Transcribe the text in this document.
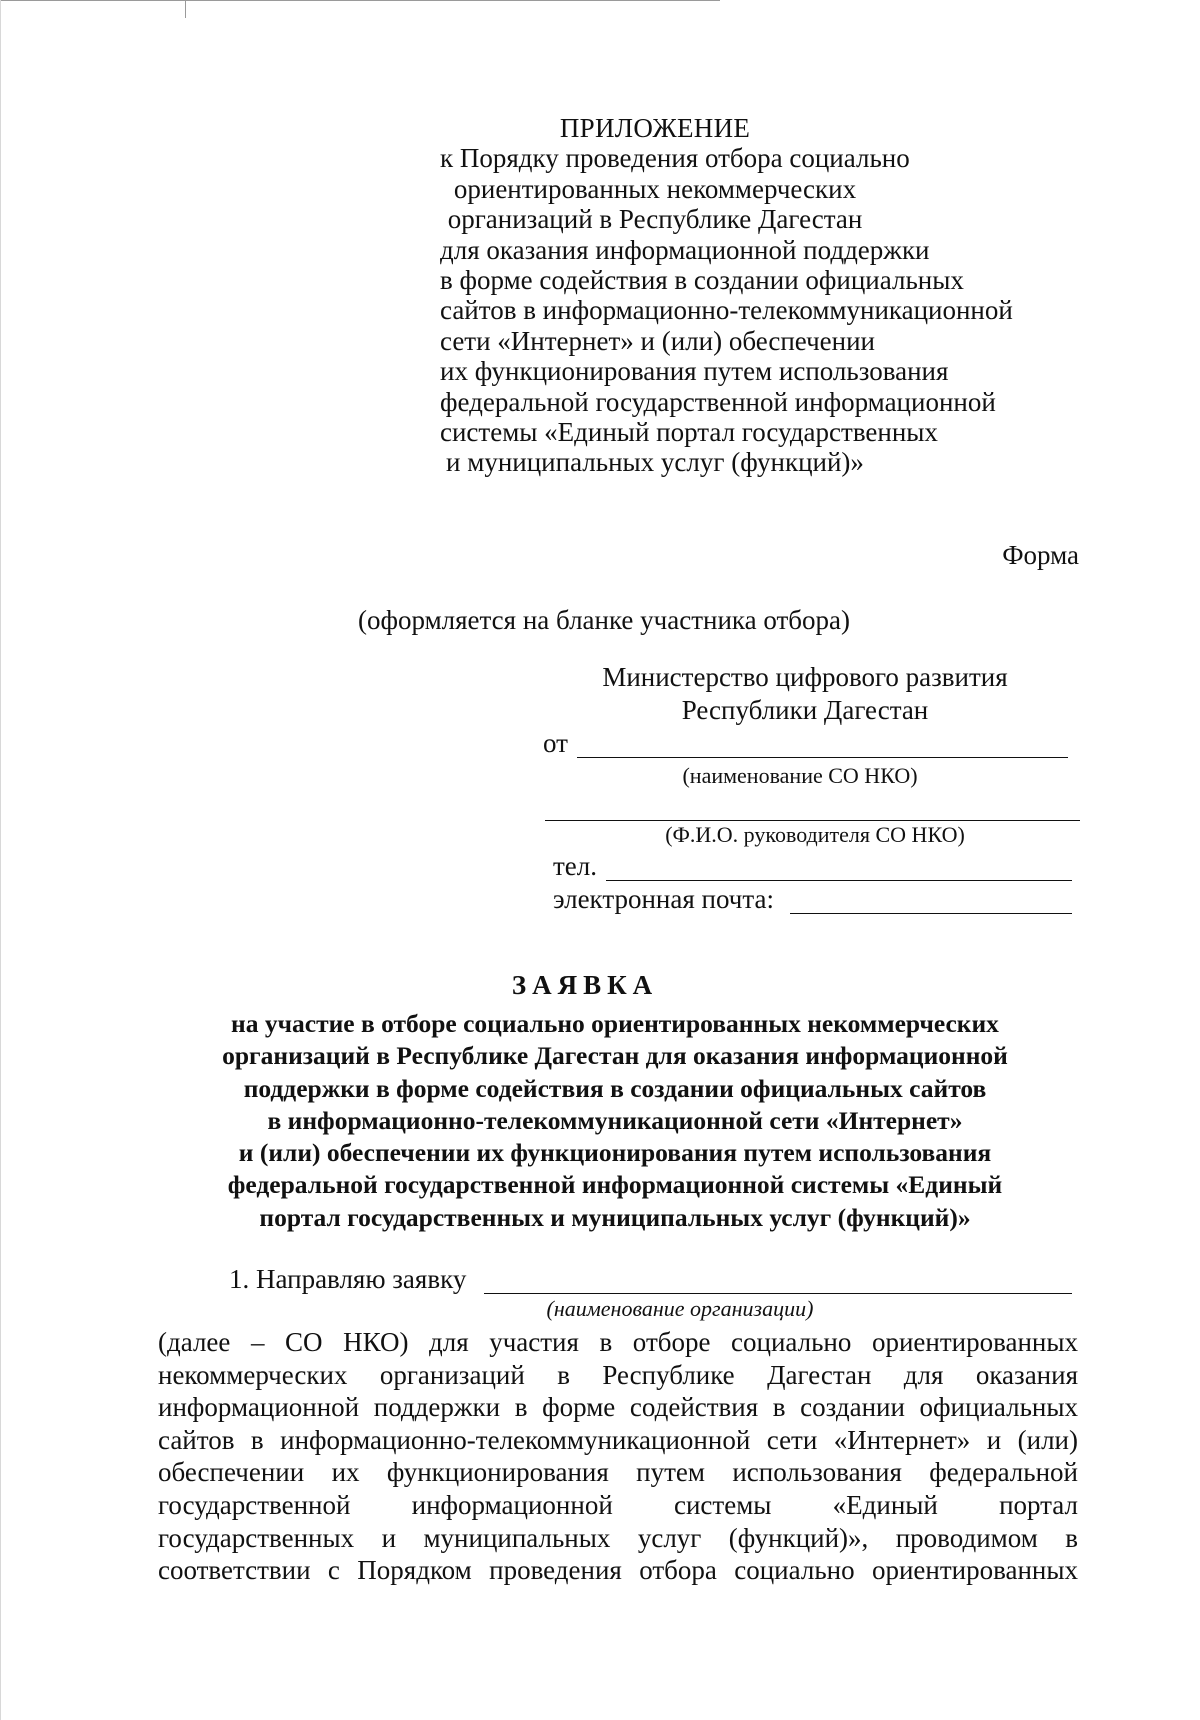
ПРИЛОЖЕНИЕ
к Порядку проведения отбора социально
ориентированных некоммерческих
организаций в Республике Дагестан
для оказания информационной поддержки
в форме содействия в создании официальных
сайтов в информационно-телекоммуникационной
сети «Интернет» и (или) обеспечении
их функционирования путем использования
федеральной государственной информационной
системы «Единый портал государственных
и муниципальных услуг (функций)»
Форма
(оформляется на бланке участника отбора)
Министерство цифрового развития
Республики Дагестан
от
(наименование СО НКО)
(Ф.И.О. руководителя СО НКО)
тел.
электронная почта:
ЗАЯВКА
на участие в отборе социально ориентированных некоммерческих
организаций в Республике Дагестан для оказания информационной
поддержки в форме содействия в создании официальных сайтов
в информационно-телекоммуникационной сети «Интернет»
и (или) обеспечении их функционирования путем использования
федеральной государственной информационной системы «Единый
портал государственных и муниципальных услуг (функций)»
1. Направляю заявку
(наименование организации)
(далее – СО НКО) для участия в отборе социально ориентированных
некоммерческих организаций в Республике Дагестан для оказания
информационной поддержки в форме содействия в создании официальных
сайтов в информационно-телекоммуникационной сети «Интернет» и (или)
обеспечении их функционирования путем использования федеральной
государственной информационной системы «Единый портал
государственных и муниципальных услуг (функций)», проводимом в
соответствии с Порядком проведения отбора социально ориентированных
